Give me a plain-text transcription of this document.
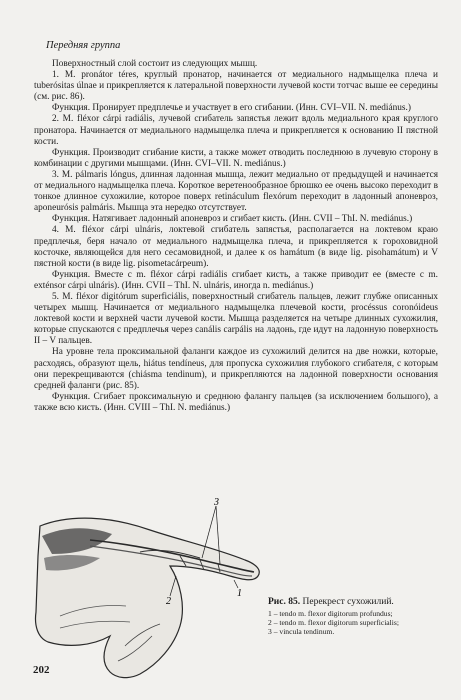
Передняя группа

Поверхностный слой состоит из следующих мышц.

1. M. pronátor téres, круглый пронатор, начинается от медиального надмыщелка плеча и tuberósitas úlnae и прикрепляется к латеральной поверхности лучевой кости тотчас выше ее середины (см. рис. 86).

Функция. Пронирует предплечье и участвует в его сгибании. (Инн. CVI–VII. N. mediánus.)

2. M. fléxor cárpi radiális, лучевой сгибатель запястья лежит вдоль медиального края круглого пронатора. Начинается от медиального надмыщелка плеча и прикрепляется к основанию II пястной кости.

Функция. Производит сгибание кисти, а также может отводить последнюю в лучевую сторону в комбинации с другими мышцами. (Инн. CVI–VII. N. mediánus.)

3. M. pálmaris lóngus, длинная ладонная мышца, лежит медиально от предыдущей и начинается от медиального надмыщелка плеча. Короткое веретенообразное брюшко ее очень высоко переходит в тонкое длинное сухожилие, которое поверх retináculum flexórum переходит в ладонный апоневроз, aponeurósis palmáris. Мышца эта нередко отсутствует.

Функция. Натягивает ладонный апоневроз и сгибает кисть. (Инн. CVII – ThI. N. mediánus.)

4. M. fléxor cárpi ulnáris, локтевой сгибатель запястья, располагается на локтевом краю предплечья, беря начало от медиального надмыщелка плеча, и прикрепляется к гороховидной косточке, являющейся для него сесамовидной, и далее к os hamátum (в виде lig. pisohamátum) и V пястной кости (в виде lig. pisometacárpeum).

Функция. Вместе с m. fléxor cárpi radiális сгибает кисть, а также приводит ее (вместе с m. exténsor cárpi ulnáris). (Инн. CVII – ThI. N. ulnáris, иногда n. mediánus.)

5. M. fléxor digitórum superficiális, поверхностный сгибатель пальцев, лежит глубже описанных четырех мышц. Начинается от медиального надмыщелка плечевой кости, procéssus coronóideus локтевой кости и верхней части лучевой кости. Мышца разделяется на четыре длинных сухожилия, которые спускаются с предплечья через canális carpális на ладонь, где идут на ладонную поверхность II – V пальцев.

На уровне тела проксимальной фаланги каждое из сухожилий делится на две ножки, которые, расходясь, образуют щель, hiátus tendíneus, для пропуска сухожилия глубокого сгибателя, с которым они перекрещиваются (chiásma tendinum), и прикрепляются на ладонной поверхности основания средней фаланги (рис. 85).

Функция. Сгибает проксимальную и среднюю фалангу пальцев (за исключением большого), а также всю кисть. (Инн. CVIII – ThI. N. mediánus.)

3
1
2	Рис. 85. Перекрест сухожилий.
1 – tendo m. flexor digitorum profundus;
2 – tendo m. flexor digitorum superficialis;
3 – vincula tendinum.
202
